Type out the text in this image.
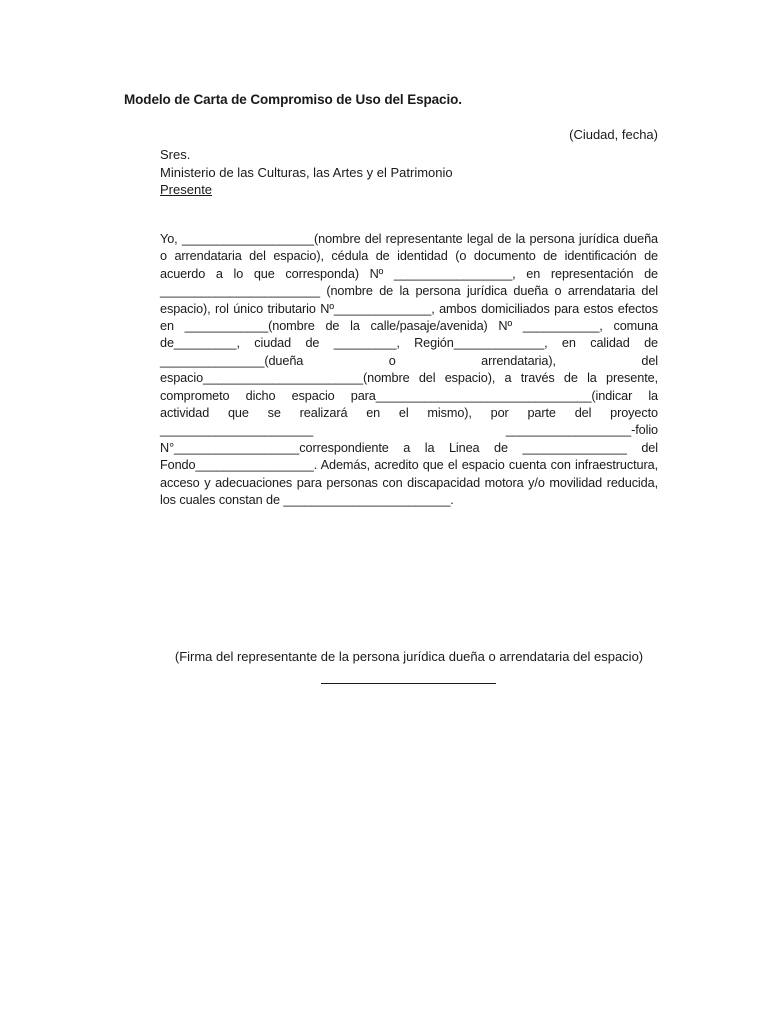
Modelo de Carta de Compromiso de Uso del Espacio.
(Ciudad, fecha)
Sres.
Ministerio de las Culturas, las Artes y el Patrimonio
Presente
Yo, ___________________(nombre del representante legal de la persona jurídica dueña o arrendataria del espacio), cédula de identidad (o documento de identificación de acuerdo a lo que corresponda) Nº _________________, en representación de _______________________ (nombre de la persona jurídica dueña o arrendataria del espacio), rol único tributario Nº______________, ambos domiciliados para estos efectos en ____________(nombre de la calle/pasaje/avenida) Nº ___________, comuna de_________, ciudad de _________, Región_____________, en calidad de _______________(dueña o arrendataria), del espacio_______________________(nombre del espacio), a través de la presente, comprometo dicho espacio para_______________________________(indicar la actividad que se realizará en el mismo), por parte del proyecto ______________________ __________________-folio N°__________________correspondiente a la Linea de _______________ del Fondo_________________. Además, acredito que el espacio cuenta con infraestructura, acceso y adecuaciones para personas con discapacidad motora y/o movilidad reducida, los cuales constan de ________________________.
(Firma del representante de la persona jurídica dueña o arrendataria del espacio)
